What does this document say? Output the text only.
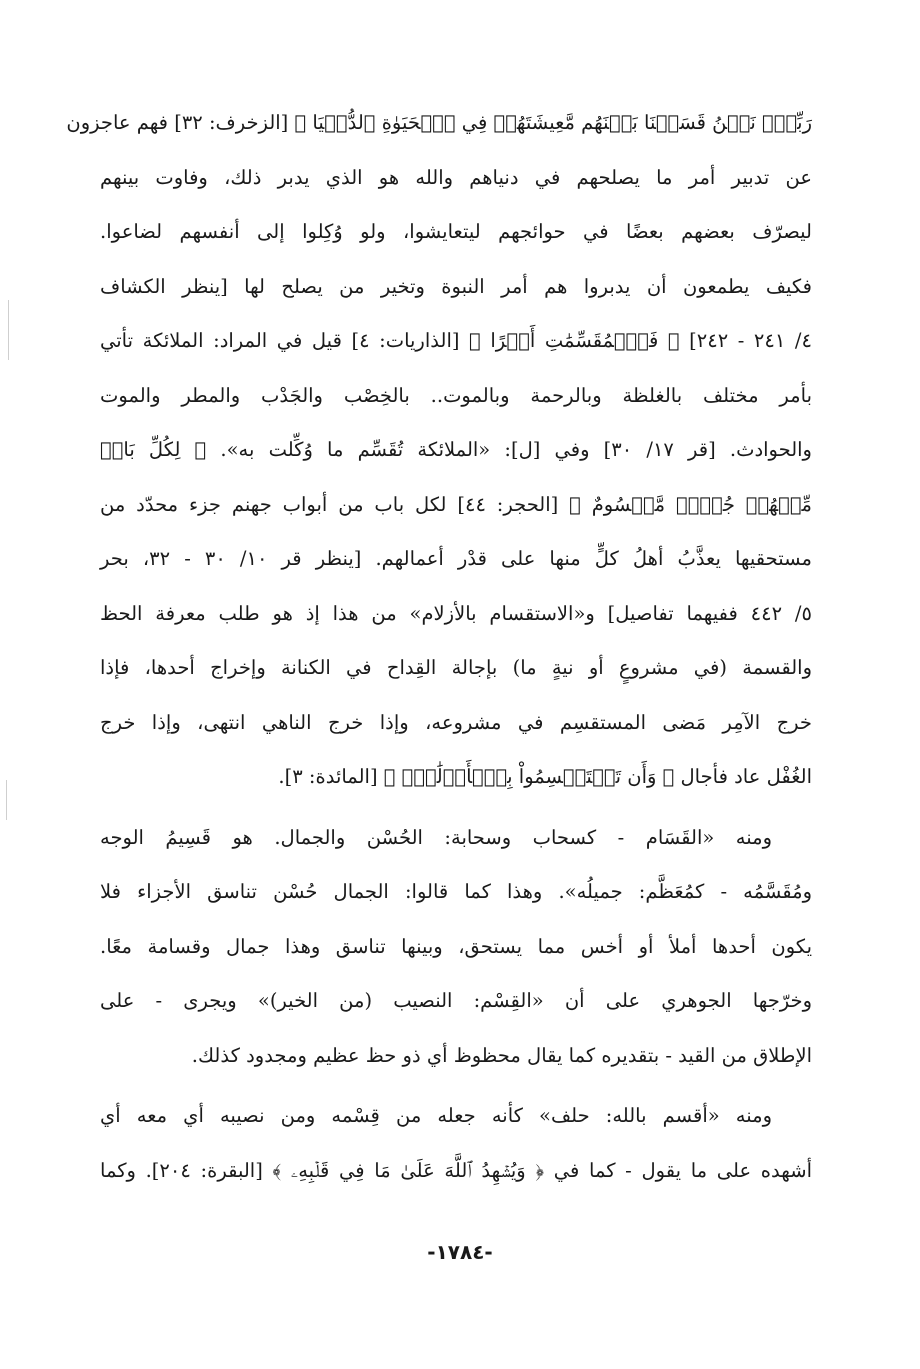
رَبِّكَۚ نَحۡنُ قَسَمۡنَا بَيۡنَهُم مَّعِيشَتَهُمۡ فِي ٱلۡحَيَوٰةِ ٱلدُّنۡيَا ﴾ [الزخرف: ٣٢] فهم عاجزون
عن تدبير أمر ما يصلحهم في دنياهم والله هو الذي يدبر ذلك، وفاوت بينهم
ليصرّف بعضهم بعضًا في حوائجهم ليتعايشوا، ولو وُكِلوا إلى أنفسهم لضاعوا.
فكيف يطمعون أن يدبروا هم أمر النبوة وتخير من يصلح لها [ينظر الكشاف
٤/ ٢٤١ - ٢٤٢] ﴿ فَٱلۡمُقَسِّمَٰتِ أَمۡرًا ﴾ [الذاريات: ٤] قيل في المراد: الملائكة تأتي
بأمر مختلف بالغلظة وبالرحمة وبالموت.. بالخِصْب والجَدْب والمطر والموت
والحوادث. [قر ١٧/ ٣٠] وفي [ل]: «الملائكة تُقَسِّم ما وُكِّلت به». ﴿ لِكُلِّ بَابٖ
مِّنۡهُمۡ جُزۡءٞ مَّقۡسُومٌ ﴾ [الحجر: ٤٤] لكل باب من أبواب جهنم جزء محدّد من
مستحقيها يعذَّبُ أهلُ كلٍّ منها على قدْر أعمالهم. [ينظر قر ١٠/ ٣٠ - ٣٢، بحر
٥/ ٤٤٢ ففيهما تفاصيل] و«الاستقسام بالأزلام» من هذا إذ هو طلب معرفة الحظ
والقسمة (في مشروعٍ أو نيةٍ ما) بإجالة القِداح في الكنانة وإخراج أحدها، فإذا
خرج الآمِر مَضى المستقسِم في مشروعه، وإذا خرج الناهي انتهى، وإذا خرج
الغُفْل عاد فأجال ﴿ وَأَن تَسۡتَقۡسِمُواْ بِٱلۡأَزۡلَٰمِۚ ﴾ [المائدة: ٣].
ومنه «القَسَام - كسحاب وسحابة: الحُسْن والجمال. هو قَسِيمُ الوجه
ومُقَسَّمُه - كمُعَظَّم: جميلُه». وهذا كما قالوا: الجمال حُسْن تناسق الأجزاء فلا
يكون أحدها أملأ أو أخس مما يستحق، وبينها تناسق وهذا جمال وقسامة معًا.
وخرّجها الجوهري على أن «القِسْم: النصيب (من الخير)» ويجرى - على
الإطلاق من القيد - بتقديره كما يقال محظوظ أي ذو حظ عظيم ومجدود كذلك.
ومنه «أقسم بالله: حلف» كأنه جعله من قِسْمه ومن نصيبه أي معه أي
أشهده على ما يقول - كما في ﴿ وَيُشۡهِدُ ٱللَّهَ عَلَىٰ مَا فِي قَلۡبِهِۦ ﴾ [البقرة: ٢٠٤]. وكما
-١٧٨٤-
